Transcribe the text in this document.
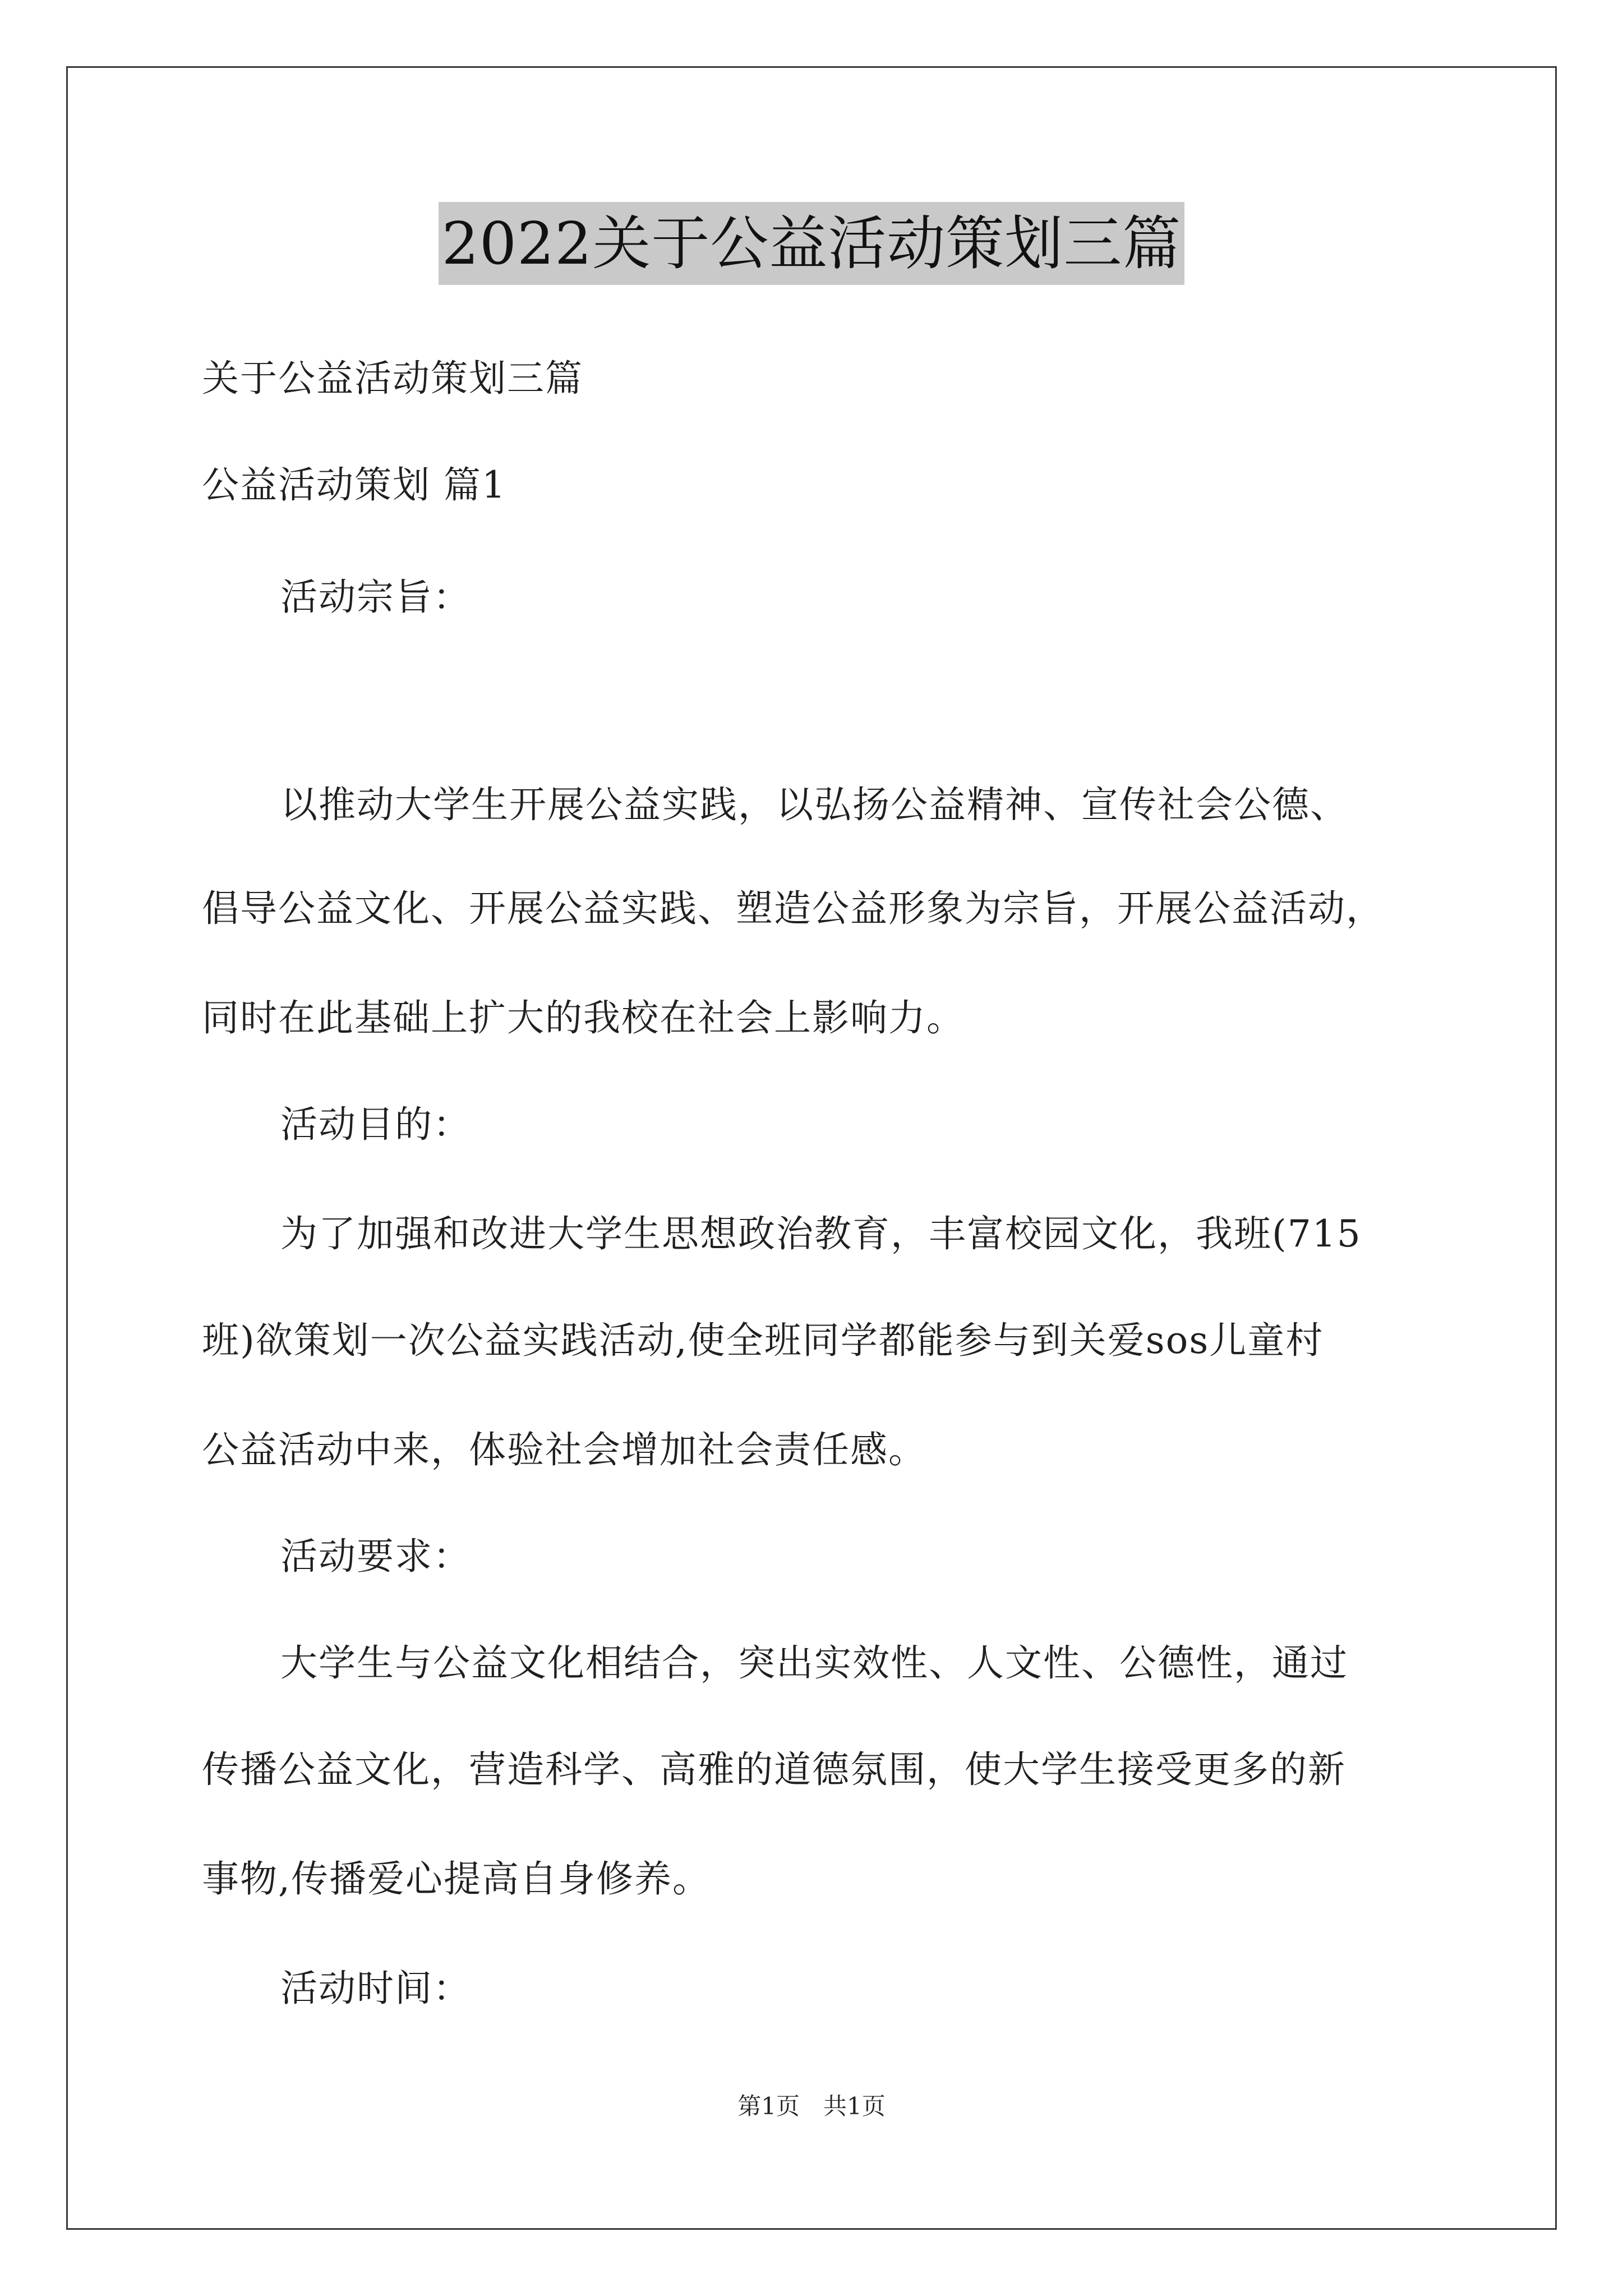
2022关于公益活动策划三篇
关于公益活动策划三篇
公益活动策划 篇1
活动宗旨：
以推动大学生开展公益实践，以弘扬公益精神、宣传社会公德、
倡导公益文化、开展公益实践、塑造公益形象为宗旨，开展公益活动，
同时在此基础上扩大的我校在社会上影响力。
活动目的：
为了加强和改进大学生思想政治教育，丰富校园文化，我班(715
班)欲策划一次公益实践活动,使全班同学都能参与到关爱sos儿童村
公益活动中来，体验社会增加社会责任感。
活动要求：
大学生与公益文化相结合，突出实效性、人文性、公德性，通过
传播公益文化，营造科学、高雅的道德氛围，使大学生接受更多的新
事物,传播爱心提高自身修养。
活动时间：
第1页　共1页
